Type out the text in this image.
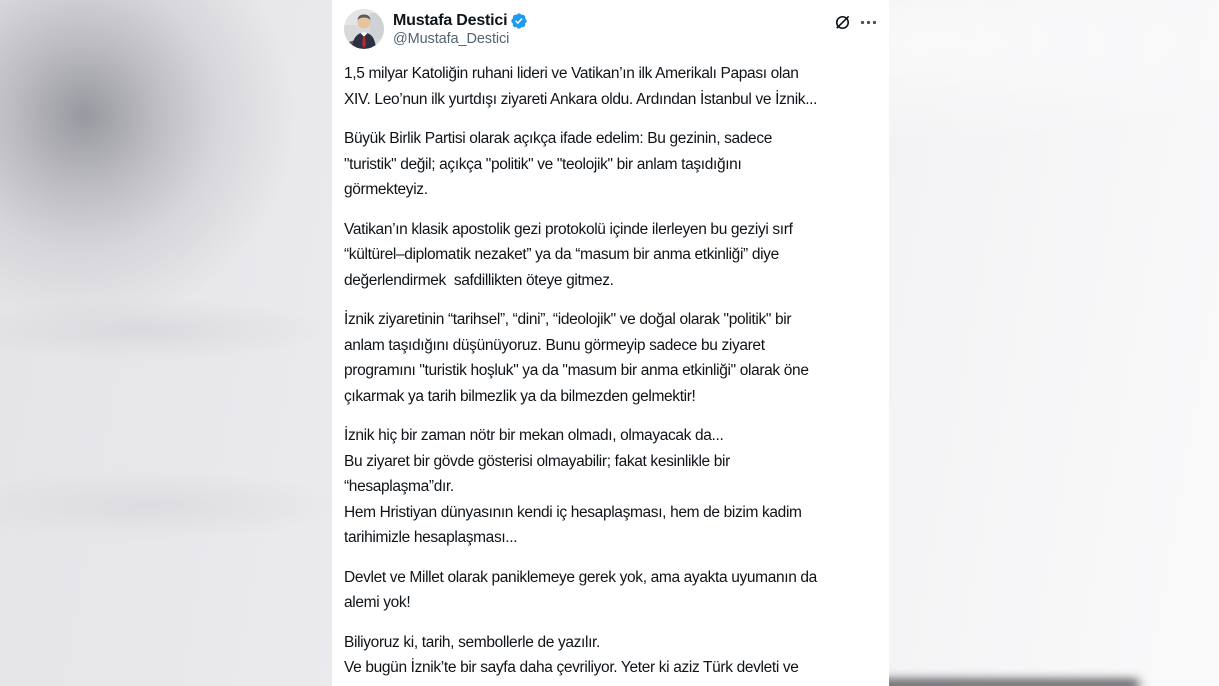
Mustafa Destici
@Mustafa_Destici
1,5 milyar Katoliğin ruhani lideri ve Vatikan’ın ilk Amerikalı Papası olan
XIV. Leo’nun ilk yurtdışı ziyareti Ankara oldu. Ardından İstanbul ve İznik...
Büyük Birlik Partisi olarak açıkça ifade edelim: Bu gezinin, sadece
"turistik" değil; açıkça "politik" ve "teolojik" bir anlam taşıdığını
görmekteyiz.
Vatikan’ın klasik apostolik gezi protokolü içinde ilerleyen bu geziyi sırf
“kültürel–diplomatik nezaket” ya da “masum bir anma etkinliği” diye
değerlendirmek  safdillikten öteye gitmez.
İznik ziyaretinin “tarihsel”, “dini”, “ideolojik" ve doğal olarak "politik" bir
anlam taşıdığını düşünüyoruz. Bunu görmeyip sadece bu ziyaret
programını "turistik hoşluk" ya da "masum bir anma etkinliği" olarak öne
çıkarmak ya tarih bilmezlik ya da bilmezden gelmektir!
İznik hiç bir zaman nötr bir mekan olmadı, olmayacak da...
Bu ziyaret bir gövde gösterisi olmayabilir; fakat kesinlikle bir
“hesaplaşma”dır.
Hem Hristiyan dünyasının kendi iç hesaplaşması, hem de bizim kadim
tarihimizle hesaplaşması...
Devlet ve Millet olarak paniklemeye gerek yok, ama ayakta uyumanın da
alemi yok!
Biliyoruz ki, tarih, sembollerle de yazılır.
Ve bugün İznik’te bir sayfa daha çevriliyor. Yeter ki aziz Türk devleti ve
